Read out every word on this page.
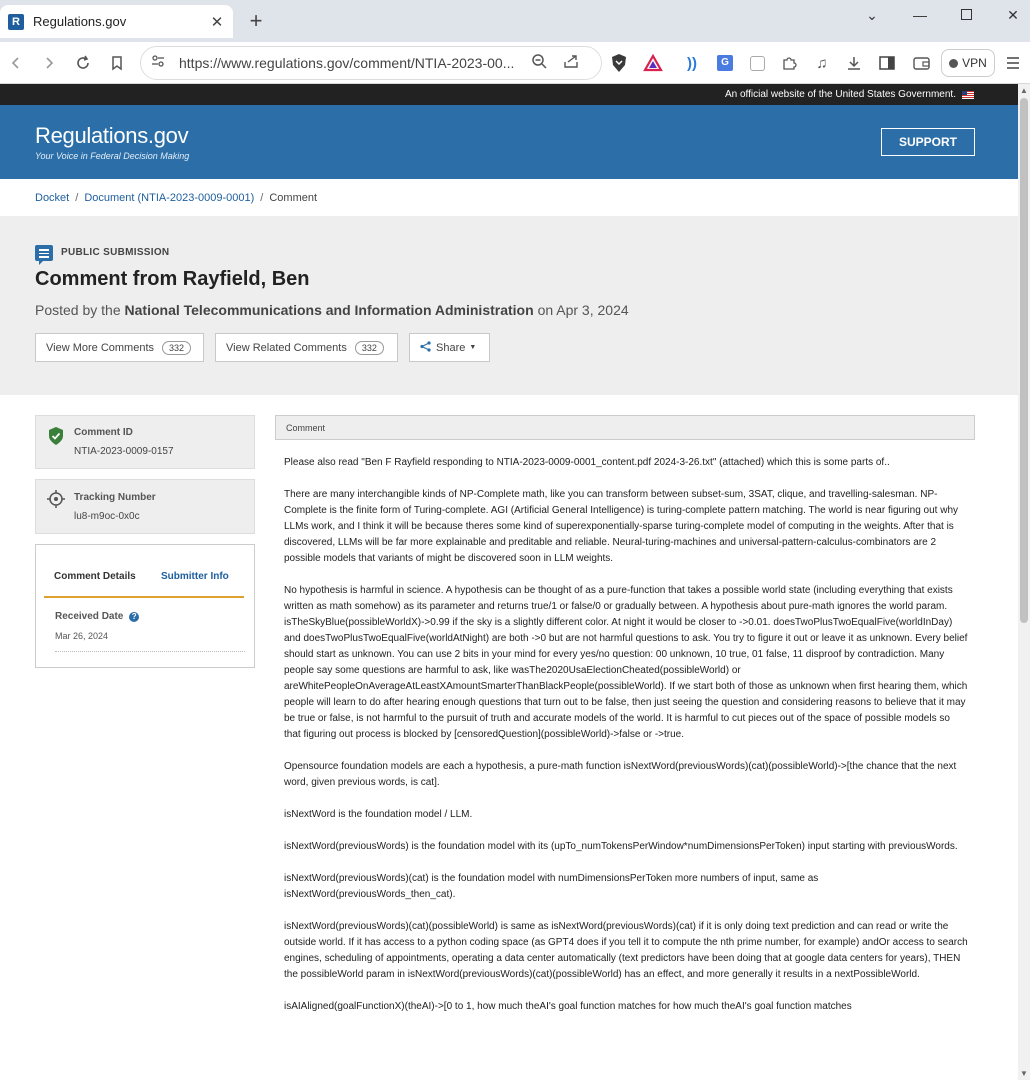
R	Regulations.gov	✕ +	⌄	—	✕
https://www.regulations.gov/comment/NTIA-2023-00...	))	G	♫	VPN
An official website of the United States Government.
Regulations.gov
Your Voice in Federal Decision Making
SUPPORT
Docket / Document (NTIA-2023-0009-0001) / Comment
PUBLIC SUBMISSION
Comment from Rayfield, Ben
Posted by the National Telecommunications and Information Administration on Apr 3, 2024
View More Comments	332	View Related Comments	332	Share ▼
Comment ID
NTIA-2023-0009-0157
Tracking Number
lu8-m9oc-0x0c
Comment Details	Submitter Info
Received Date ?
Mar 26, 2024
Comment

Please also read "Ben F Rayfield responding to NTIA-2023-0009-0001_content.pdf 2024-3-26.txt" (attached) which this is some parts of..

There are many interchangible kinds of NP-Complete math, like you can transform between subset-sum, 3SAT, clique, and travelling-salesman. NP-Complete is the finite form of Turing-complete. AGI (Artificial General Intelligence) is turing-complete pattern matching. The world is near figuring out why LLMs work, and I think it will be because theres some kind of superexponentially-sparse turing-complete model of computing in the weights. After that is discovered, LLMs will be far more explainable and preditable and reliable. Neural-turing-machines and universal-pattern-calculus-combinators are 2 possible models that variants of might be discovered soon in LLM weights.

No hypothesis is harmful in science. A hypothesis can be thought of as a pure-function that takes a possible world state (including everything that exists written as math somehow) as its parameter and returns true/1 or false/0 or gradually between. A hypothesis about pure-math ignores the world param. isTheSkyBlue(possibleWorldX)->0.99 if the sky is a slightly different color. At night it would be closer to ->0.01. doesTwoPlusTwoEqualFive(worldInDay) and doesTwoPlusTwoEqualFive(worldAtNight) are both ->0 but are not harmful questions to ask. You try to figure it out or leave it as unknown. Every belief should start as unknown. You can use 2 bits in your mind for every yes/no question: 00 unknown, 10 true, 01 false, 11 disproof by contradiction. Many people say some questions are harmful to ask, like wasThe2020UsaElectionCheated(possibleWorld) or areWhitePeopleOnAverageAtLeastXAmountSmarterThanBlackPeople(possibleWorld). If we start both of those as unknown when first hearing them, which people will learn to do after hearing enough questions that turn out to be false, then just seeing the question and considering reasons to believe that it may be true or false, is not harmful to the pursuit of truth and accurate models of the world. It is harmful to cut pieces out of the space of possible models so that figuring out process is blocked by [censoredQuestion](possibleWorld)->false or ->true.

Opensource foundation models are each a hypothesis, a pure-math function isNextWord(previousWords)(cat)(possibleWorld)->[the chance that the next word, given previous words, is cat].

isNextWord is the foundation model / LLM.

isNextWord(previousWords) is the foundation model with its (upTo_numTokensPerWindow*numDimensionsPerToken) input starting with previousWords.

isNextWord(previousWords)(cat) is the foundation model with numDimensionsPerToken more numbers of input, same as isNextWord(previousWords_then_cat).

isNextWord(previousWords)(cat)(possibleWorld) is same as isNextWord(previousWords)(cat) if it is only doing text prediction and can read or write the outside world. If it has access to a python coding space (as GPT4 does if you tell it to compute the nth prime number, for example) andOr access to search engines, scheduling of appointments, operating a data center automatically (text predictors have been doing that at google data centers for years), THEN the possibleWorld param in isNextWord(previousWords)(cat)(possibleWorld) has an effect, and more generally it results in a nextPossibleWorld.

isAIAligned(goalFunctionX)(theAI)->[0 to 1, how much theAI's goal function matches for how much theAI's goal function matches

▲
▼
